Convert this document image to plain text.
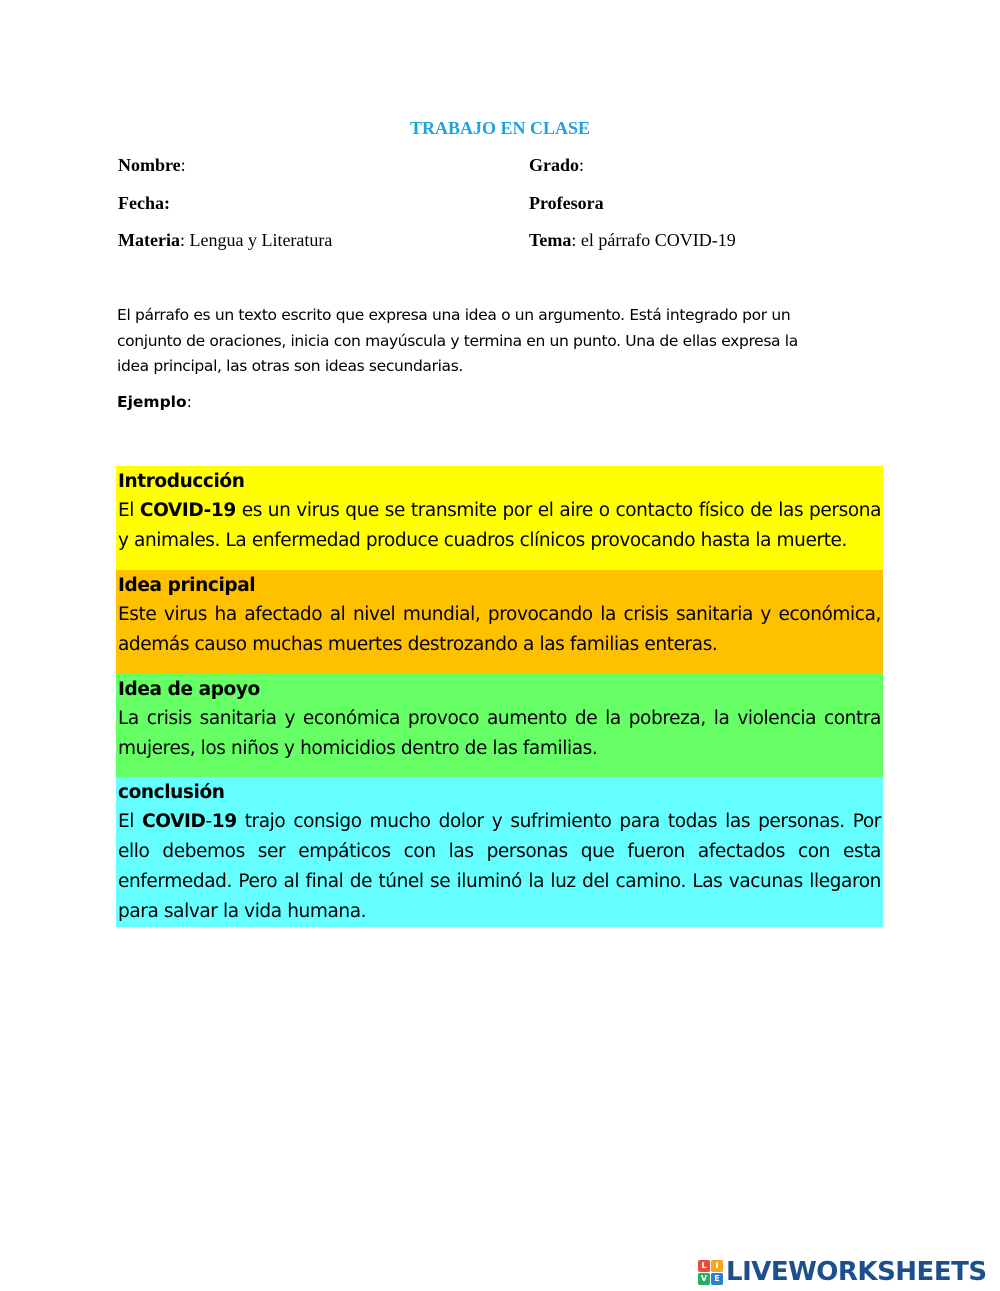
TRABAJO EN CLASE
Nombre:	Grado:
Fecha:	Profesora
Materia: Lengua y Literatura	Tema: el párrafo COVID-19
El párrafo es un texto escrito que expresa una idea o un argumento. Está integrado por un
conjunto de oraciones, inicia con mayúscula y termina en un punto. Una de ellas expresa la
idea principal, las otras son ideas secundarias.
Ejemplo:
Introducción
El COVID-19 es un virus que se transmite por el aire o contacto físico de las persona y animales. La enfermedad produce cuadros clínicos provocando hasta la muerte.
Idea principal
Este virus ha afectado al nivel mundial, provocando la crisis sanitaria y económica, además causo muchas muertes destrozando a las familias enteras.
Idea de apoyo
La crisis sanitaria y económica provoco aumento de la pobreza, la violencia contra mujeres, los niños y homicidios dentro de las familias.
conclusión
El COVID-19 trajo consigo mucho dolor y sufrimiento para todas las personas. Por ello debemos ser empáticos con las personas que fueron afectados con esta enfermedad. Pero al final de túnel se iluminó la luz del camino. Las vacunas llegaron para salvar la vida humana.
L	I
V E LIVEWORKSHEETS
